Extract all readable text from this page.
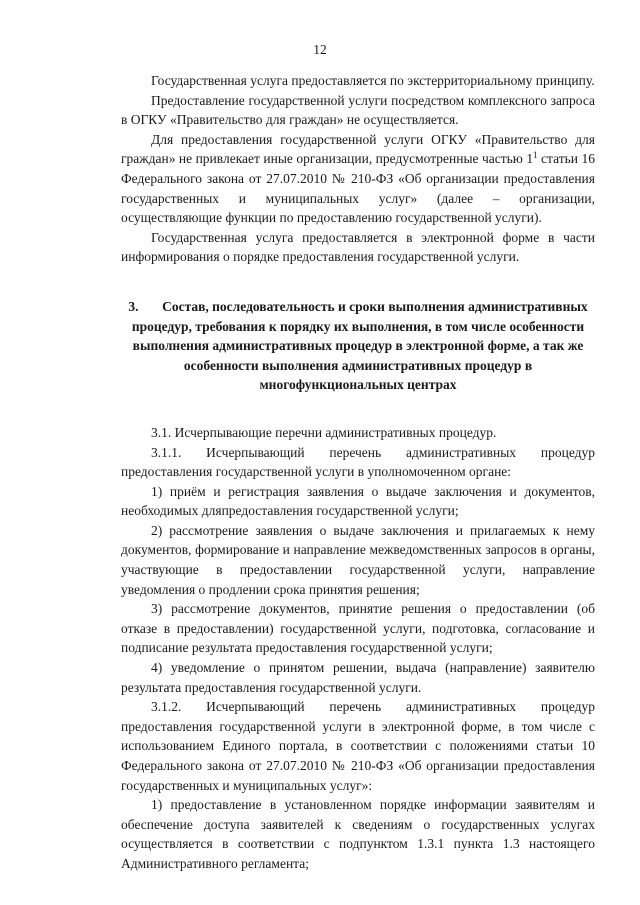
12

Государственная услуга предоставляется по экстерриториальному принципу.

Предоставление государственной услуги посредством комплексного запроса в ОГКУ «Правительство для граждан» не осуществляется.

Для предоставления государственной услуги ОГКУ «Правительство для граждан» не привлекает иные организации, предусмотренные частью $1^1$ статьи 16 Федерального закона от 27.07.2010 № 210-ФЗ «Об организации предоставления государственных и муниципальных услуг» (далее – организации, осуществляющие функции по предоставлению государственной услуги).

Государственная услуга предоставляется в электронной форме в части информирования о порядке предоставления государственной услуги.

3.       Состав, последовательность и сроки выполнения административных процедур, требования к порядку их выполнения, в том числе особенности выполнения административных процедур в электронной форме, а так же особенности выполнения административных процедур в многофункциональных центрах

3.1. Исчерпывающие перечни административных процедур.

3.1.1. Исчерпывающий перечень административных процедур предоставления государственной услуги в уполномоченном органе:

1) приём и регистрация заявления о выдаче заключения и документов, необходимых дляпредоставления государственной услуги;

2) рассмотрение заявления о выдаче заключения и прилагаемых к нему документов, формирование и направление межведомственных запросов в органы, участвующие в предоставлении государственной услуги, направление уведомления о продлении срока принятия решения;

3) рассмотрение документов, принятие решения о предоставлении (об отказе в предоставлении) государственной услуги, подготовка, согласование и подписание результата предоставления государственной услуги;

4) уведомление о принятом решении, выдача (направление) заявителю результата предоставления государственной услуги.

3.1.2. Исчерпывающий перечень административных процедур предоставления государственной услуги в электронной форме, в том числе с использованием Единого портала, в соответствии с положениями статьи 10 Федерального закона от 27.07.2010 № 210-ФЗ «Об организации предоставления государственных и муниципальных услуг»:

1) предоставление в установленном порядке информации заявителям и обеспечение доступа заявителей к сведениям о государственных услугах осуществляется в соответствии с подпунктом 1.3.1 пункта 1.3 настоящего Административного регламента;
